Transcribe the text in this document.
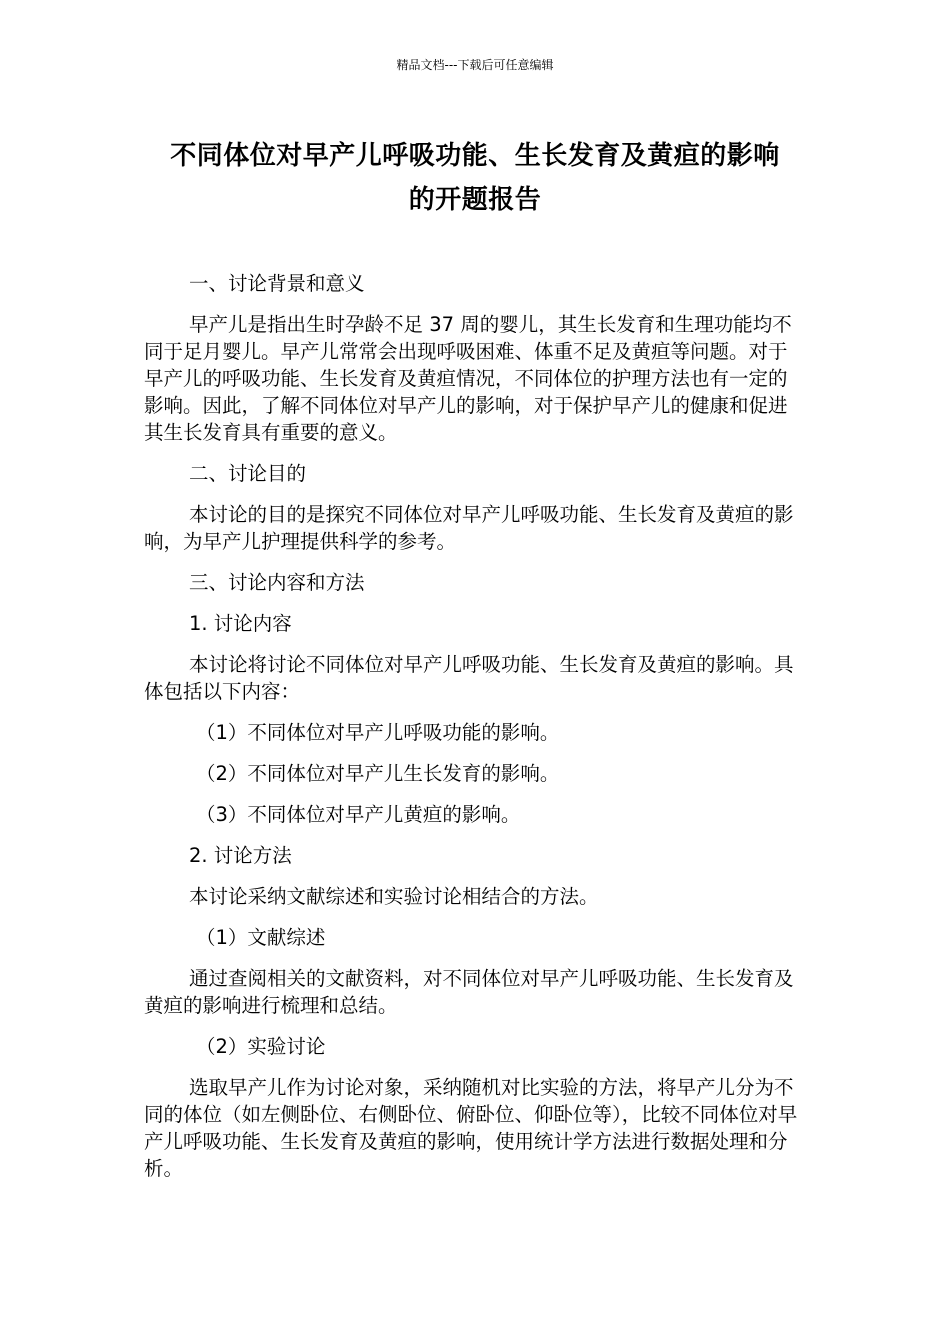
精品文档---下载后可任意编辑
不同体位对早产儿呼吸功能、生长发育及黄疸的影响
的开题报告

一、讨论背景和意义

早产儿是指出生时孕龄不足 37 周的婴儿，其生长发育和生理功能均不同于足月婴儿。早产儿常常会出现呼吸困难、体重不足及黄疸等问题。对于早产儿的呼吸功能、生长发育及黄疸情况，不同体位的护理方法也有一定的影响。因此，了解不同体位对早产儿的影响，对于保护早产儿的健康和促进其生长发育具有重要的意义。

二、讨论目的

本讨论的目的是探究不同体位对早产儿呼吸功能、生长发育及黄疸的影响，为早产儿护理提供科学的参考。

三、讨论内容和方法

1. 讨论内容

本讨论将讨论不同体位对早产儿呼吸功能、生长发育及黄疸的影响。具体包括以下内容：

（1）不同体位对早产儿呼吸功能的影响。

（2）不同体位对早产儿生长发育的影响。

（3）不同体位对早产儿黄疸的影响。

2. 讨论方法

本讨论采纳文献综述和实验讨论相结合的方法。

（1）文献综述

通过查阅相关的文献资料，对不同体位对早产儿呼吸功能、生长发育及黄疸的影响进行梳理和总结。

（2）实验讨论

选取早产儿作为讨论对象，采纳随机对比实验的方法，将早产儿分为不同的体位（如左侧卧位、右侧卧位、俯卧位、仰卧位等），比较不同体位对早产儿呼吸功能、生长发育及黄疸的影响，使用统计学方法进行数据处理和分析。
